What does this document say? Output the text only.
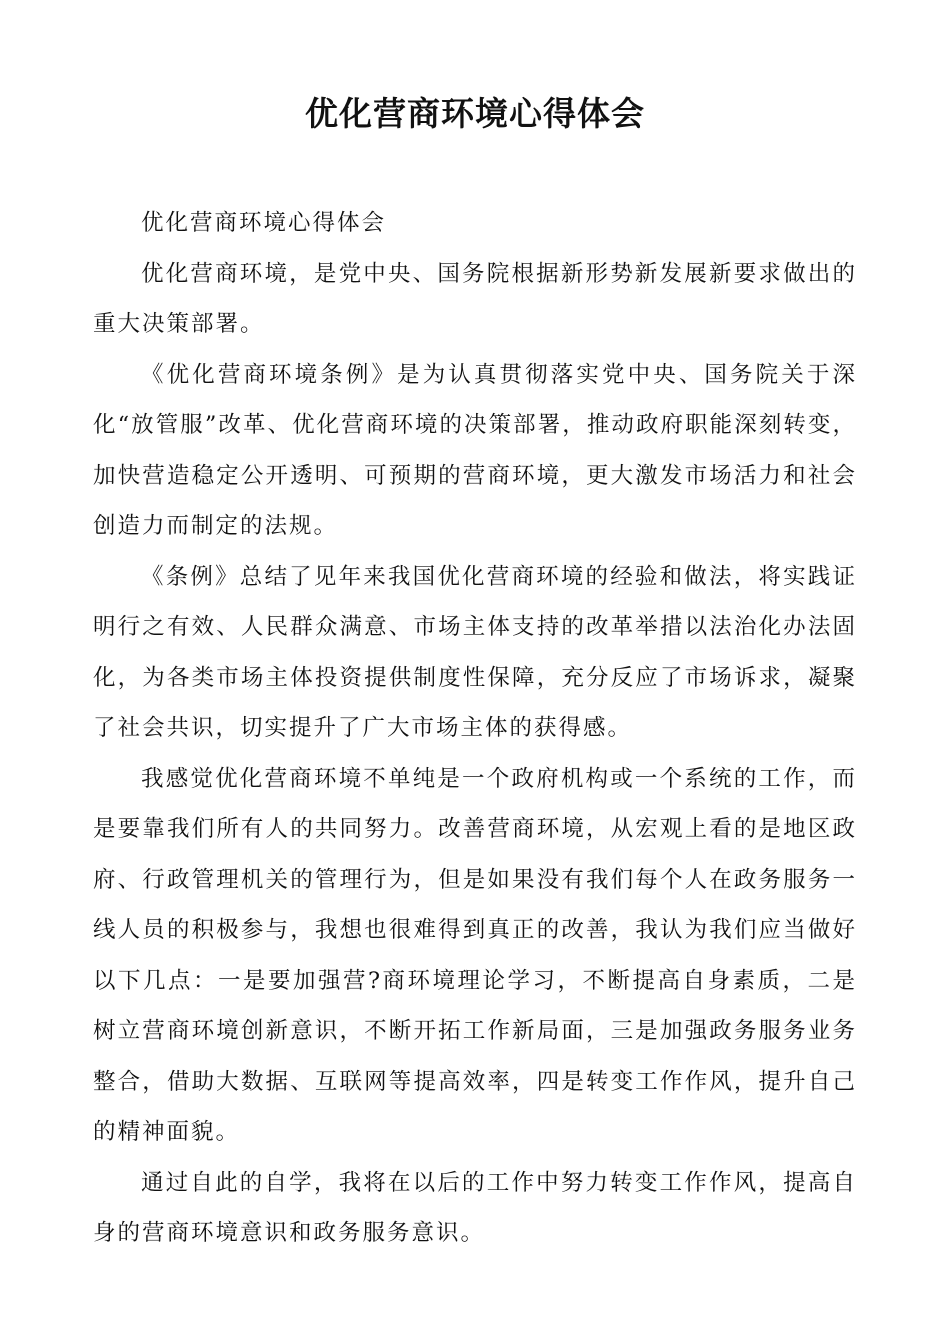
优化营商环境心得体会

优化营商环境心得体会

优化营商环境，是党中央、国务院根据新形势新发展新要求做出的重大决策部署。

《优化营商环境条例》是为认真贯彻落实党中央、国务院关于深化“放管服”改革、优化营商环境的决策部署，推动政府职能深刻转变，加快营造稳定公开透明、可预期的营商环境，更大激发市场活力和社会创造力而制定的法规。

《条例》总结了见年来我国优化营商环境的经验和做法，将实践证明行之有效、人民群众满意、市场主体支持的改革举措以法治化办法固化，为各类市场主体投资提供制度性保障，充分反应了市场诉求，凝聚了社会共识，切实提升了广大市场主体的获得感。

我感觉优化营商环境不单纯是一个政府机构或一个系统的工作，而是要靠我们所有人的共同努力。改善营商环境，从宏观上看的是地区政府、行政管理机关的管理行为，但是如果没有我们每个人在政务服务一线人员的积极参与，我想也很难得到真正的改善，我认为我们应当做好以下几点：一是要加强营?商环境理论学习，不断提高自身素质，二是树立营商环境创新意识，不断开拓工作新局面，三是加强政务服务业务整合，借助大数据、互联网等提高效率，四是转变工作作风，提升自己的精神面貌。

通过自此的自学，我将在以后的工作中努力转变工作作风，提高自身的营商环境意识和政务服务意识。
